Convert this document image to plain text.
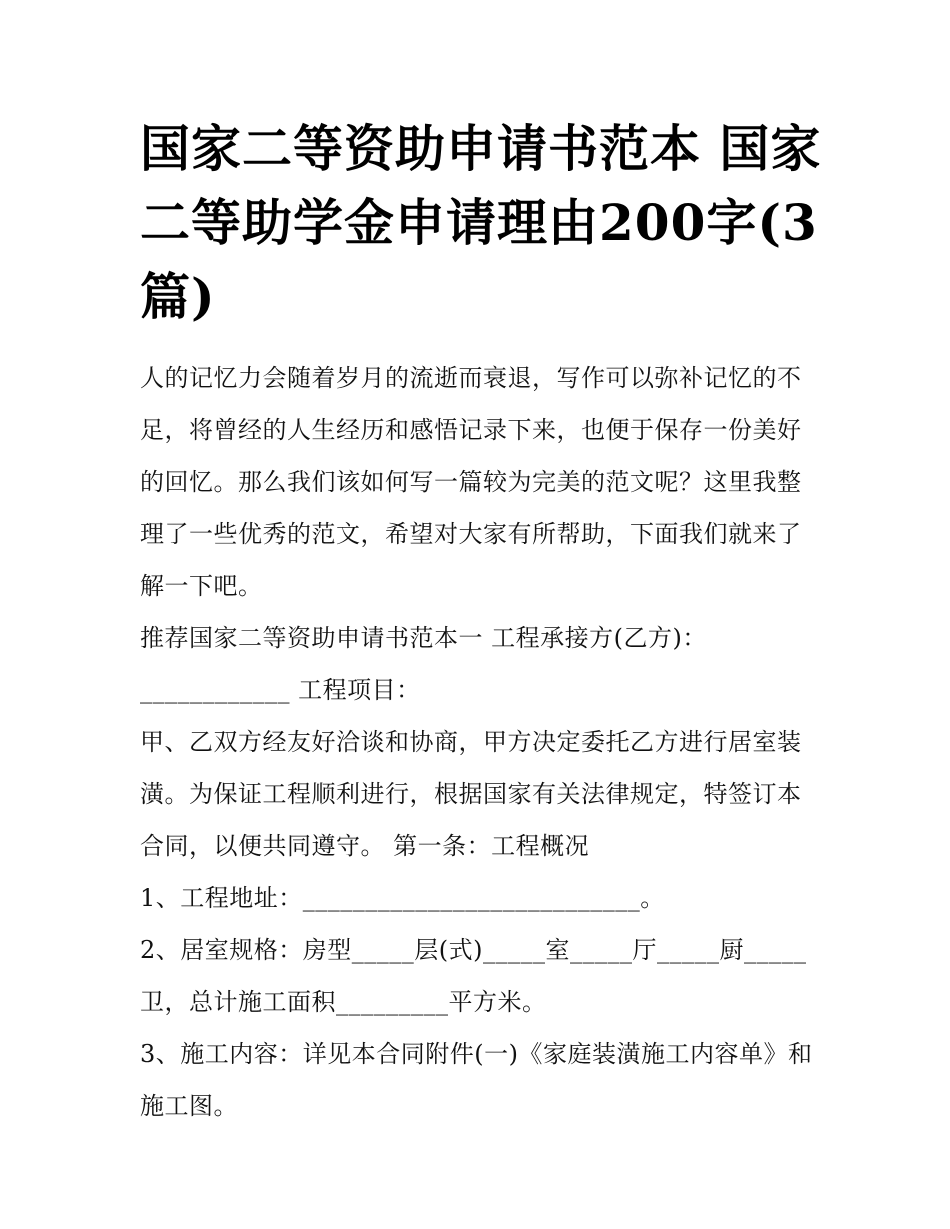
国家二等资助申请书范本 国家二等助学金申请理由200字(3篇)

人的记忆力会随着岁月的流逝而衰退，写作可以弥补记忆的不足，将曾经的人生经历和感悟记录下来，也便于保存一份美好的回忆。那么我们该如何写一篇较为完美的范文呢？这里我整理了一些优秀的范文，希望对大家有所帮助，下面我们就来了解一下吧。

推荐国家二等资助申请书范本一 工程承接方(乙方)：

____________ 工程项目：

甲、乙双方经友好洽谈和协商，甲方决定委托乙方进行居室装潢。为保证工程顺利进行，根据国家有关法律规定，特签订本合同，以便共同遵守。 第一条：工程概况

1、工程地址：___________________________。

2、居室规格：房型_____层(式)_____室_____厅_____厨_____卫，总计施工面积_________平方米。

3、施工内容：详见本合同附件(一)《家庭装潢施工内容单》和施工图。
